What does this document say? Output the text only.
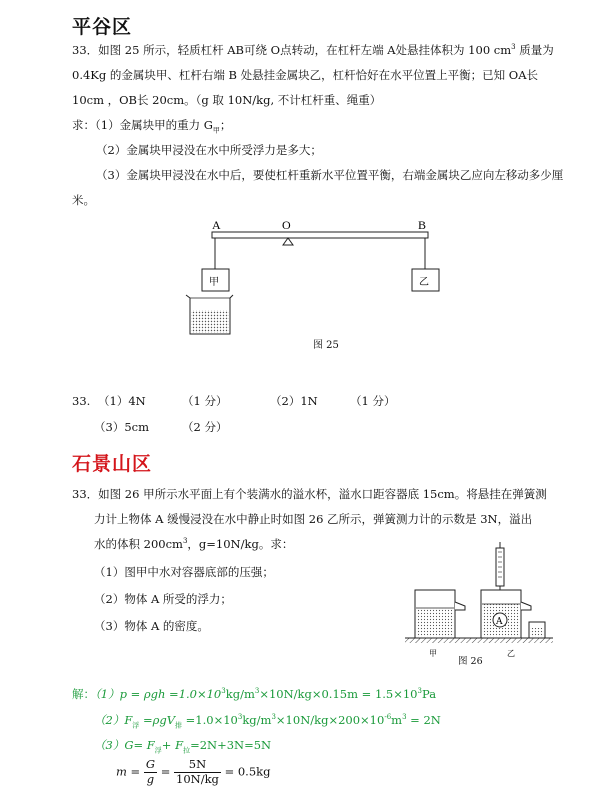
平谷区
33．如图 25 所示，轻质杠杆 AB可绕 O点转动，在杠杆左端 A处悬挂体积为 100 $cm^3$ 质量为
0.4Kg 的金属块甲、杠杆右端 B 处悬挂金属块乙，杠杆恰好在水平位置上平衡；已知 OA长
10cm ，OB长 20cm。（g 取 10N/kg, 不计杠杆重、绳重）
求：（1）金属块甲的重力 $G_甲$；
（2）金属块甲浸没在水中所受浮力是多大；
（3）金属块甲浸没在水中后，要使杠杆重新水平位置平衡，右端金属块乙应向左移动多少厘
米。
A	O	B
甲	乙
图 25
33. （1）4N	（1 分）	（2）1N	（1 分）
（3）5cm	（2 分）
石景山区
33．如图 26 甲所示水平面上有个装满水的溢水杯，溢水口距容器底 15cm。将悬挂在弹簧测
力计上物体 A 缓慢浸没在水中静止时如图 26 乙所示，弹簧测力计的示数是 3N，溢出
水的体积 $200cm^3$，g=10N/kg。求：
（1）图甲中水对容器底部的压强；
（2）物体 A 所受的浮力；
（3）物体 A 的密度。	A
甲	乙
图 26
解：$(1)p = \rho gh =1.0\times 10^3kg/m^3\times 10N/kg\times 0.15m = 1.5\times 10^3Pa$
$(2)F_浮 =\rho gV_排 =1.0\times 10^3kg/m^3\times 10N/kg\times 200\times 10^{-6}m^3 = 2N$
$(3)G= F_浮+ F_拉=2N+3N=5N$
$m = \frac{G}{g} = \frac{5N}{10N/kg} = 0.5kg$
